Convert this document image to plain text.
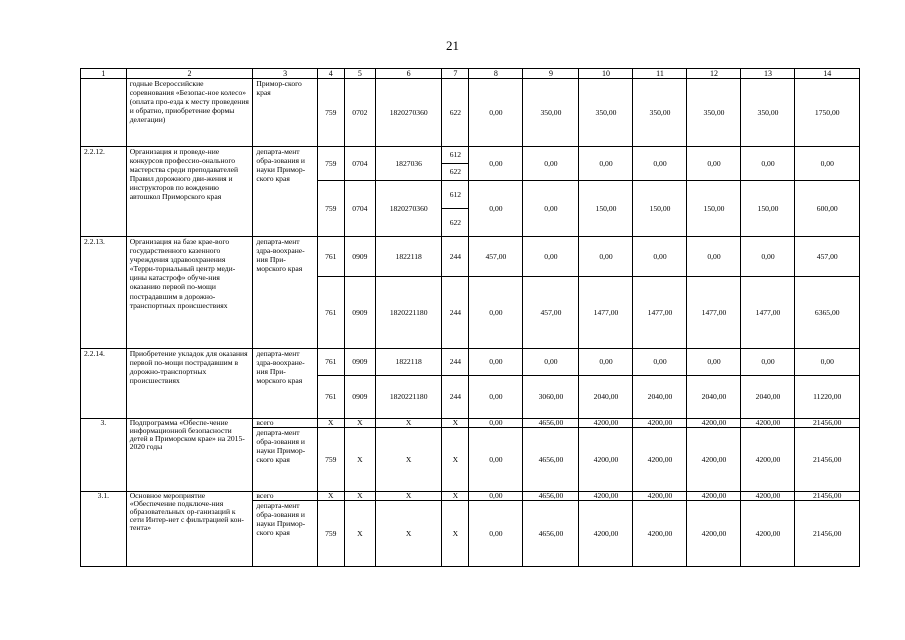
21
1	2	3	4	5	6	7	8	9	10	11	12	13	14
	годные Всероссийские соревнования «Безопас-ное колесо» (оплата про-езда к месту проведения и обратно, приобретение формы делегации)	Примор-ского края	759	0702	1820270360	622	0,00	350,00	350,00	350,00	350,00	350,00	1750,00
2.2.12.	Организация и проведе-ние конкурсов профессио-онального мастерства среди преподавателей Правил дорожного дви-жения и инструкторов по вождению автошкол Приморского края	департа-мент обра-зования и науки Примор-ского края	759	0704	1827036	612	0,00	0,00	0,00	0,00	0,00	0,00	0,00
						622							
			759	0704	1820270360	612	0,00	0,00	150,00	150,00	150,00	150,00	600,00
						622							
2.2.13.	Организация на базе крае-вого государственного казенного учреждения здравоохранения «Терри-ториальный центр меди-цины катастроф» обуче-ния оказанию первой по-мощи пострадавшим в дорожно-транспортных происшествиях	департа-мент здра-воохране-ния При-морского края	761	0909	1822118	244	457,00	0,00	0,00	0,00	0,00	0,00	457,00
			761	0909	1820221180	244	0,00	457,00	1477,00	1477,00	1477,00	1477,00	6365,00
2.2.14.	Приобретение укладок для оказания первой по-мощи пострадавшим в дорожно-транспортных происшествиях	департа-мент здра-воохране-ния При-морского края	761	0909	1822118	244	0,00	0,00	0,00	0,00	0,00	0,00	0,00
			761	0909	1820221180	244	0,00	3060,00	2040,00	2040,00	2040,00	2040,00	11220,00
3.	Подпрограмма «Обеспе-чение информационной безопасности детей в Приморском крае» на 2015-2020 годы	всего	X	X	X	X	0,00	4656,00	4200,00	4200,00	4200,00	4200,00	21456,00
		департа-мент обра-зования и науки Примор-ского края	759	X	X	X	0,00	4656,00	4200,00	4200,00	4200,00	4200,00	21456,00
3.1.	Основное мероприятие «Обеспечение подключе-ния образовательных ор-ганизаций к сети Интер-нет с фильтрацией кон-тента»	всего	X	X	X	X	0,00	4656,00	4200,00	4200,00	4200,00	4200,00	21456,00
		департа-мент обра-зования и науки Примор-ского края	759	X	X	X	0,00	4656,00	4200,00	4200,00	4200,00	4200,00	21456,00
